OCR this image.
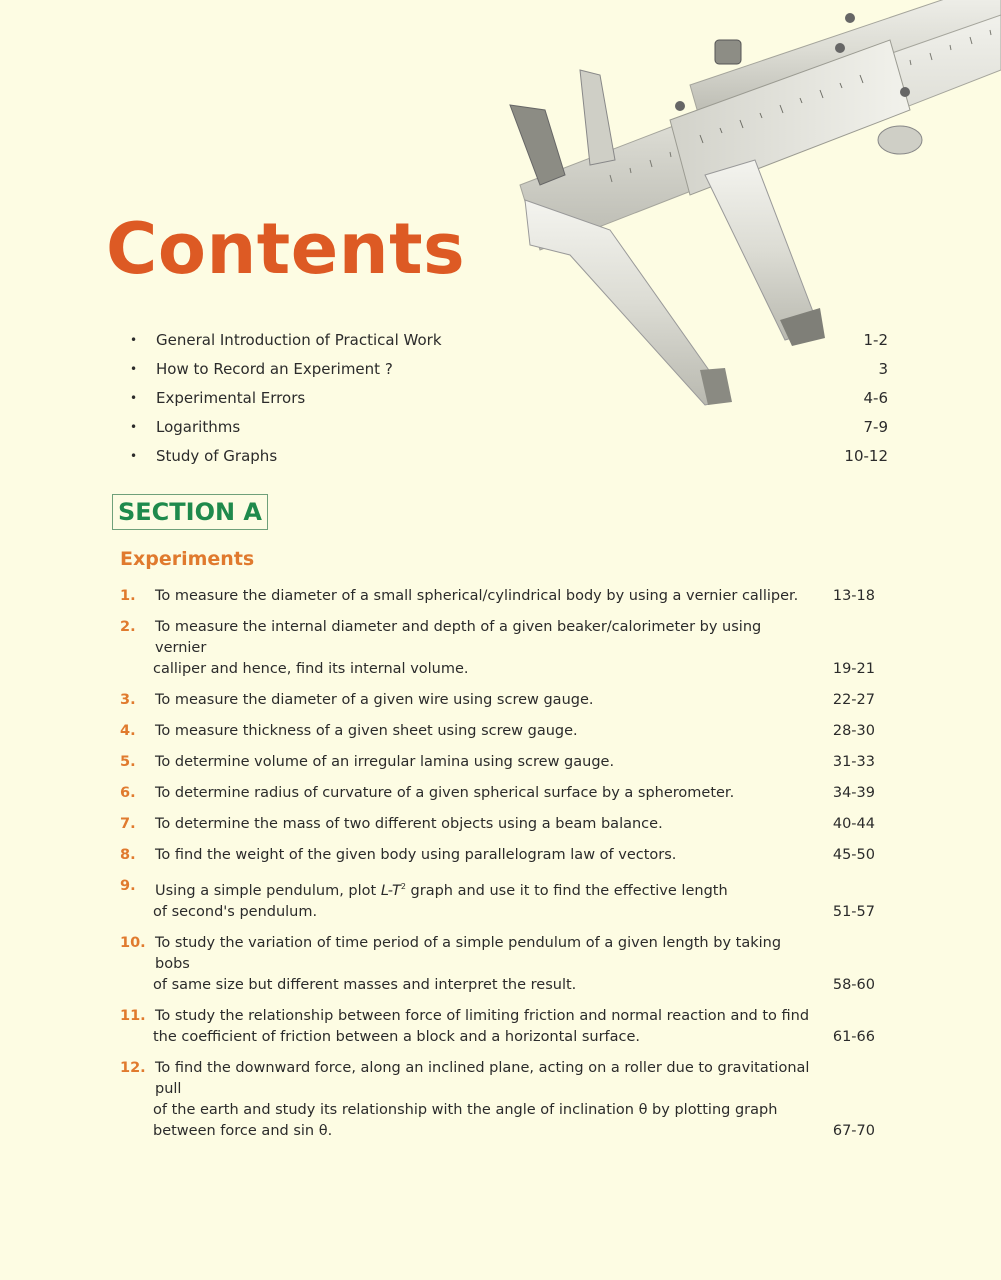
Contents
•	General Introduction of Practical Work	1-2
•	How to Record an Experiment ?	3
•	Experimental Errors	4-6
•	Logarithms	7-9
•	Study of Graphs	10-12
SECTION A
Experiments
1. To measure the diameter of a small spherical/cylindrical body by using a vernier calliper.	13-18
2. To measure the internal diameter and depth of a given beaker/calorimeter by using vernier
calliper and hence, find its internal volume.	19-21
3. To measure the diameter of a given wire using screw gauge.	22-27
4. To measure thickness of a given sheet using screw gauge.	28-30
5. To determine volume of an irregular lamina using screw gauge.	31-33
6. To determine radius of curvature of a given spherical surface by a spherometer.	34-39
7. To determine the mass of two different objects using a beam balance.	40-44
8. To find the weight of the given body using parallelogram law of vectors.	45-50
9. Using a simple pendulum, plot $L-T^2$ graph and use it to find the effective length
of second's pendulum.	51-57
10. To study the variation of time period of a simple pendulum of a given length by taking bobs
of same size but different masses and interpret the result.	58-60
11. To study the relationship between force of limiting friction and normal reaction and to find
the coefficient of friction between a block and a horizontal surface.	61-66
12. To find the downward force, along an inclined plane, acting on a roller due to gravitational pull
of the earth and study its relationship with the angle of inclination θ by plotting graph
between force and sin θ.	67-70
